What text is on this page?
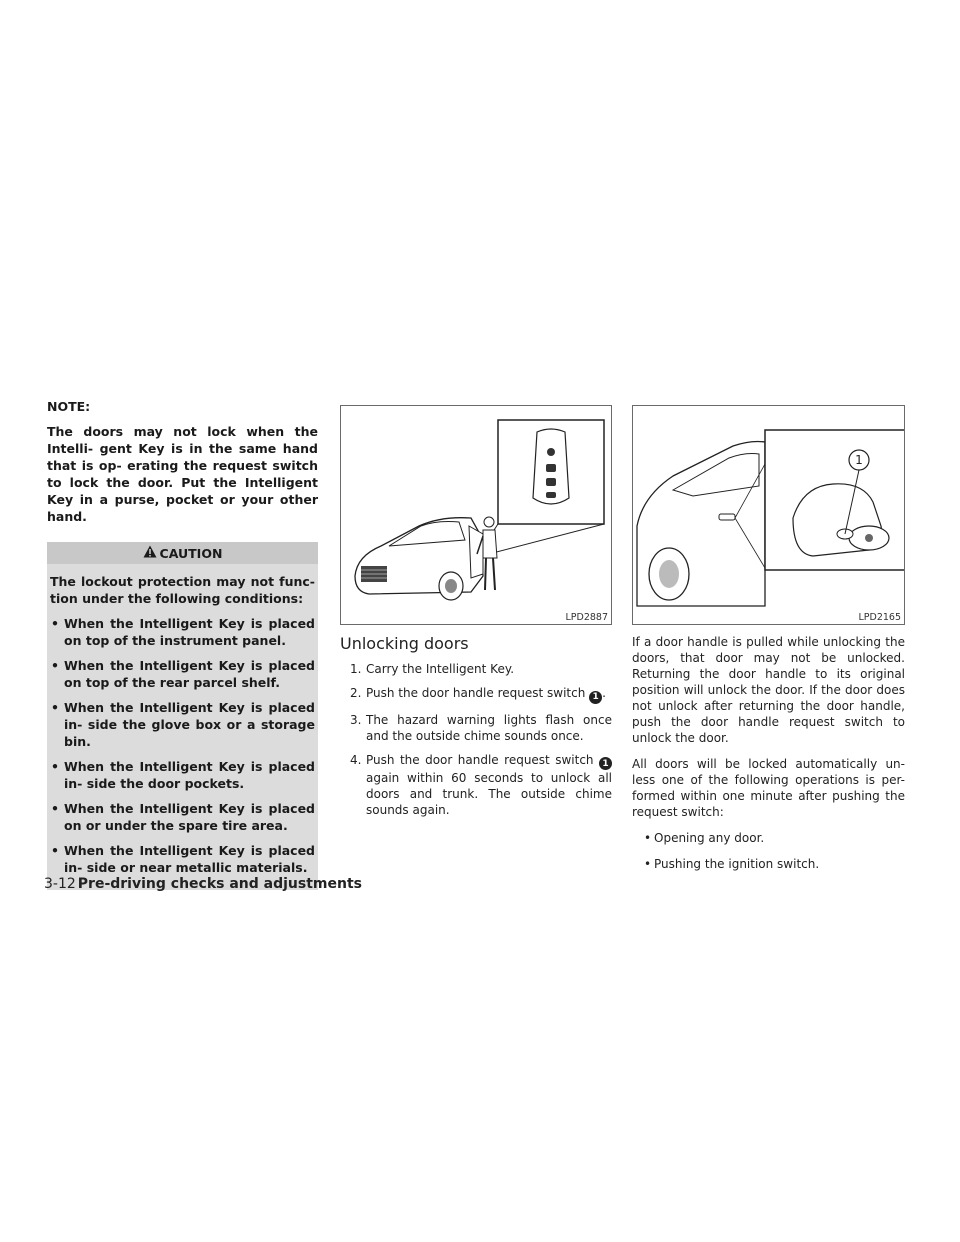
NOTE:

The doors may not lock when the Intelli- gent Key is in the same hand that is op- erating the request switch to lock the door. Put the Intelligent Key in a purse, pocket or your other hand.

CAUTION

The lockout protection may not func- tion under the following conditions:

• When the Intelligent Key is placed on top of the instrument panel.
• When the Intelligent Key is placed on top of the rear parcel shelf.
• When the Intelligent Key is placed in- side the glove box or a storage bin.
• When the Intelligent Key is placed in- side the door pockets.
• When the Intelligent Key is placed on or under the spare tire area.
• When the Intelligent Key is placed in- side or near metallic materials.
LPD2887
Unlocking doors
1. Carry the Intelligent Key.
2. Push the door handle request switch 1 .
3. The hazard warning lights flash once and the outside chime sounds once.
4. Push the door handle request switch 1 again within 60 seconds to unlock all doors and trunk. The outside chime sounds again.
1
LPD2165

If a door handle is pulled while unlocking the doors, that door may not be unlocked. Returning the door handle to its original position will unlock the door. If the door does not unlock after returning the door handle, push the door handle request switch to unlock the door.

All doors will be locked automatically un- less one of the following operations is per- formed within one minute after pushing the request switch:

• Opening any door.
• Pushing the ignition switch.
3-12 Pre-driving checks and adjustments
